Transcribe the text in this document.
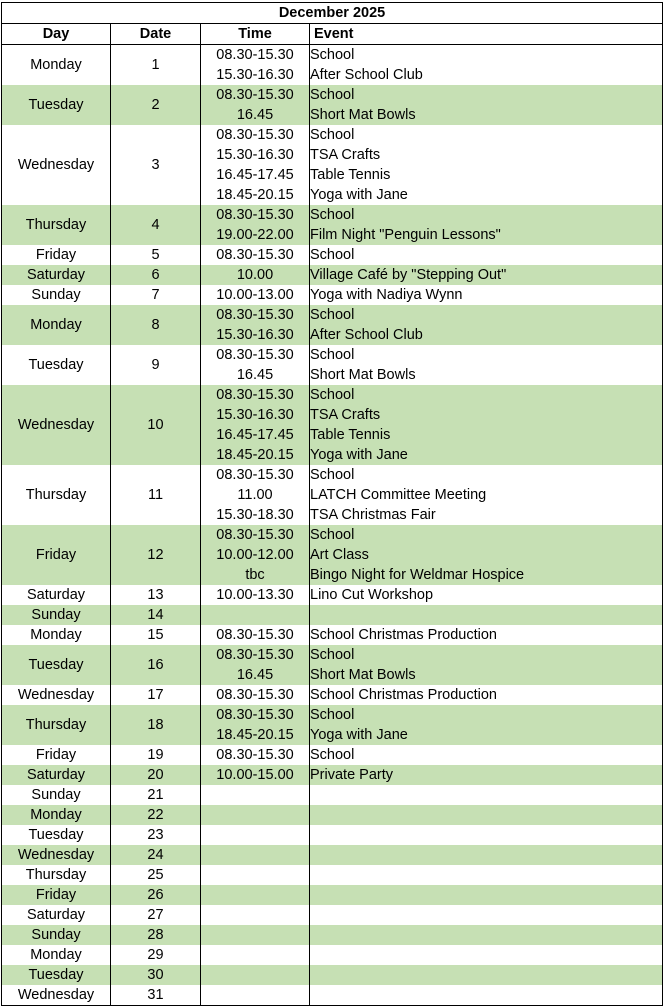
December 2025			
Day	Date	Time	Event
Monday	1	08.30-15.30	School
		15.30-16.30	After School Club
Tuesday	2	08.30-15.30	School
		16.45	Short Mat Bowls
Wednesday	3	08.30-15.30	School
		15.30-16.30	TSA Crafts
		16.45-17.45	Table Tennis
		18.45-20.15	Yoga with Jane
Thursday	4	08.30-15.30	School
		19.00-22.00	Film Night "Penguin Lessons"
Friday	5	08.30-15.30	School
Saturday	6	10.00	Village Café by "Stepping Out"
Sunday	7	10.00-13.00	Yoga with Nadiya Wynn
Monday	8	08.30-15.30	School
		15.30-16.30	After School Club
Tuesday	9	08.30-15.30	School
		16.45	Short Mat Bowls
Wednesday	10	08.30-15.30	School
		15.30-16.30	TSA Crafts
		16.45-17.45	Table Tennis
		18.45-20.15	Yoga with Jane
Thursday	11	08.30-15.30	School
		11.00	LATCH Committee Meeting
		15.30-18.30	TSA Christmas Fair
Friday	12	08.30-15.30	School
		10.00-12.00	Art Class
		tbc	Bingo Night for Weldmar Hospice
Saturday	13	10.00-13.30	Lino Cut Workshop
Sunday	14		
Monday	15	08.30-15.30	School Christmas Production
Tuesday	16	08.30-15.30	School
		16.45	Short Mat Bowls
Wednesday	17	08.30-15.30	School Christmas Production
Thursday	18	08.30-15.30	School
		18.45-20.15	Yoga with Jane
Friday	19	08.30-15.30	School
Saturday	20	10.00-15.00	Private Party
Sunday	21		
Monday	22		
Tuesday	23		
Wednesday	24		
Thursday	25		
Friday	26		
Saturday	27		
Sunday	28		
Monday	29		
Tuesday	30		
Wednesday	31		
